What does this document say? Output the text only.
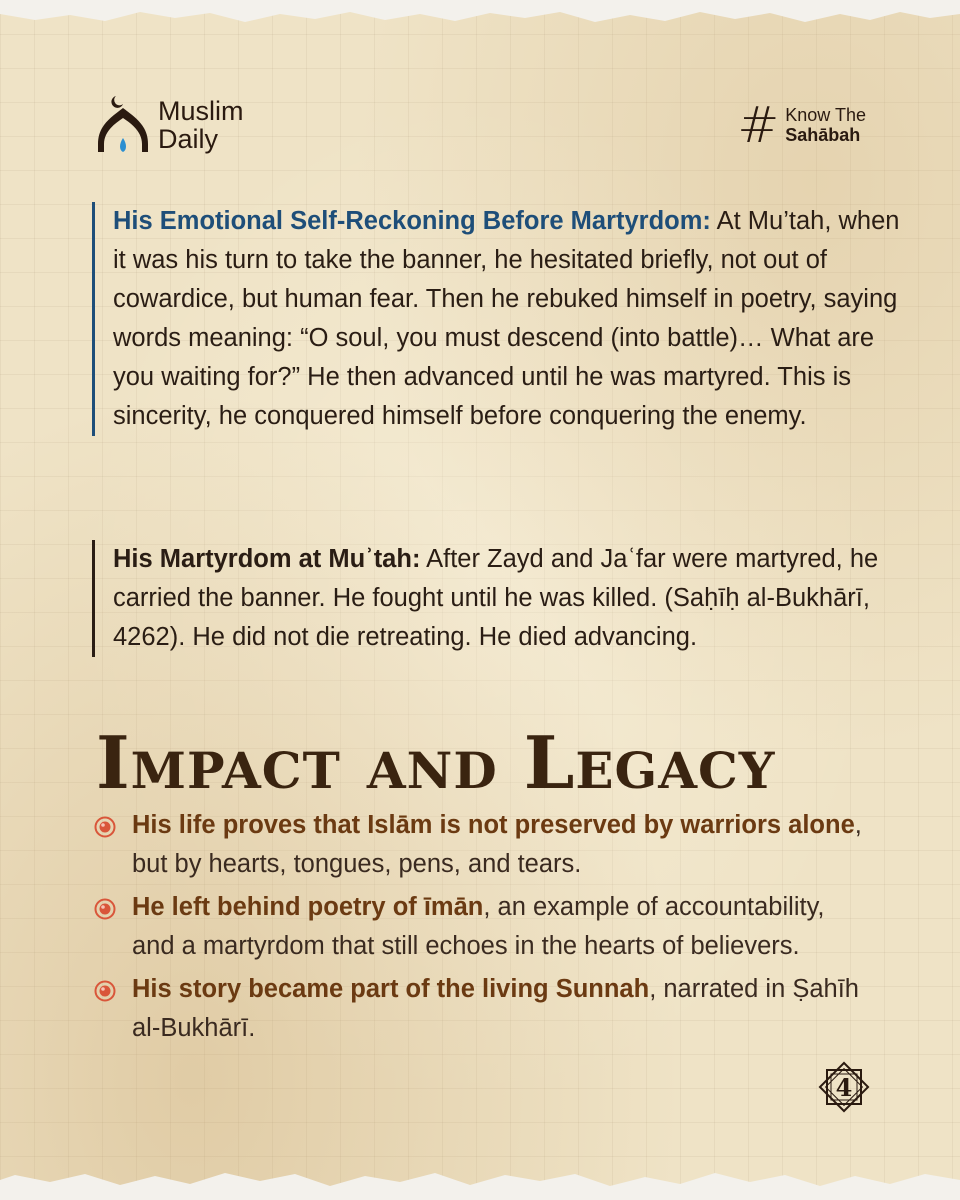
Muslim
Daily	# Know The
Sahābah
His Emotional Self-Reckoning Before Martyrdom: At Mu’tah, when it was his turn to take the banner, he hesitated briefly, not out of cowardice, but human fear. Then he rebuked himself in poetry, saying words meaning: “O soul, you must descend (into battle)… What are you waiting for?” He then advanced until he was martyred. This is sincerity, he conquered himself before conquering the enemy.
His Martyrdom at Muʾtah: After Zayd and Jaʿfar were martyred, he carried the banner. He fought until he was killed. (Saḥīḥ al-Bukhārī, 4262). He did not die retreating. He died advancing.
Impact and Legacy
His life proves that Islām is not preserved by warriors alone, but by hearts, tongues, pens, and tears.
He left behind poetry of īmān, an example of accountability, and a martyrdom that still echoes in the hearts of believers.
His story became part of the living Sunnah, narrated in Ṣahīh al-Bukhārī.
4
